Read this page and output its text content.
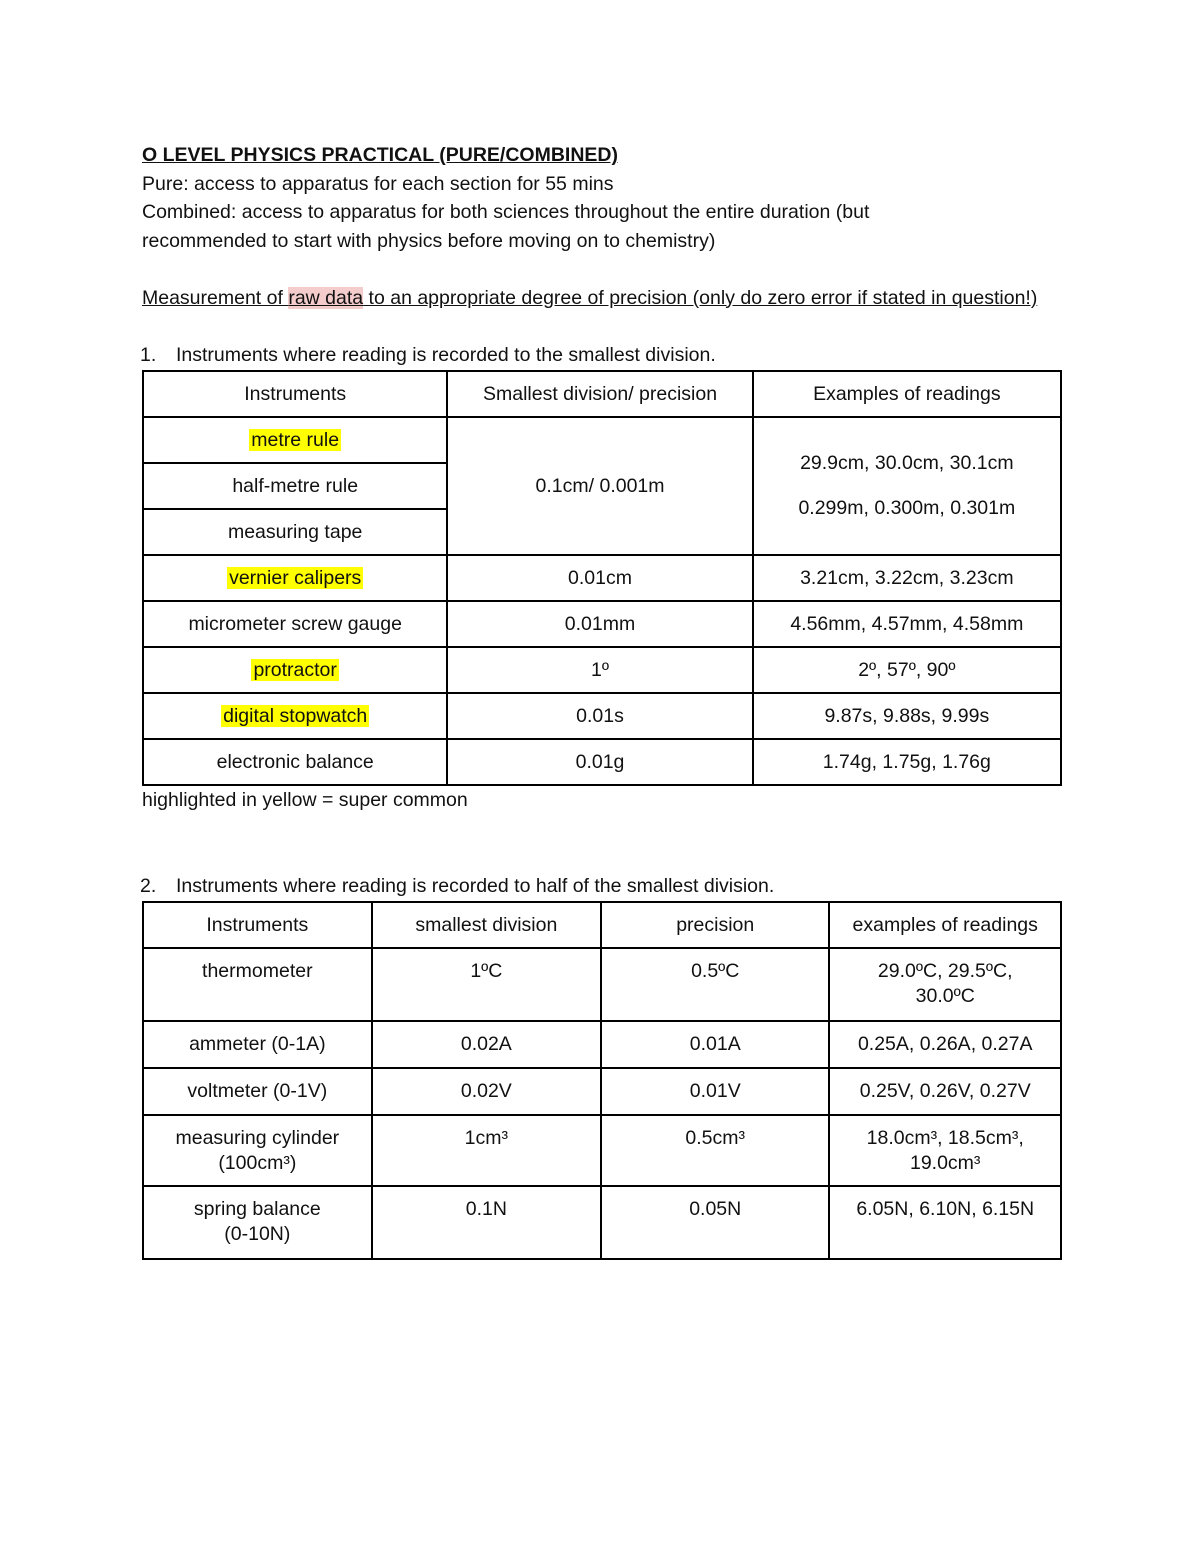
O LEVEL PHYSICS PRACTICAL (PURE/COMBINED)

Pure: access to apparatus for each section for 55 mins

Combined: access to apparatus for both sciences throughout the entire duration (but

recommended to start with physics before moving on to chemistry)

Measurement of raw data to an appropriate degree of precision (only do zero error if stated in question!)

1. Instruments where reading is recorded to the smallest division.

Instruments	Smallest division/ precision	Examples of readings
metre rule	0.1cm/ 0.001m	29.9cm, 30.0cm, 30.1cm
0.299m, 0.300m, 0.301m

half-metre rule		
measuring tape		
vernier calipers	0.01cm	3.21cm, 3.22cm, 3.23cm
micrometer screw gauge	0.01mm	4.56mm, 4.57mm, 4.58mm
protractor	1º	2º, 57º, 90º
digital stopwatch	0.01s	9.87s, 9.88s, 9.99s
electronic balance	0.01g	1.74g, 1.75g, 1.76g

highlighted in yellow = super common

2. Instruments where reading is recorded to half of the smallest division.

Instruments	smallest division	precision	examples of readings
thermometer	1ºC	0.5ºC	29.0ºC, 29.5ºC, 30.0ºC
ammeter (0-1A)	0.02A	0.01A	0.25A, 0.26A, 0.27A
voltmeter (0-1V)	0.02V	0.01V	0.25V, 0.26V, 0.27V
measuring cylinder (100cm³)	1cm³	0.5cm³	18.0cm³, 18.5cm³, 19.0cm³
spring balance (0-10N)	0.1N	0.05N	6.05N, 6.10N, 6.15N
